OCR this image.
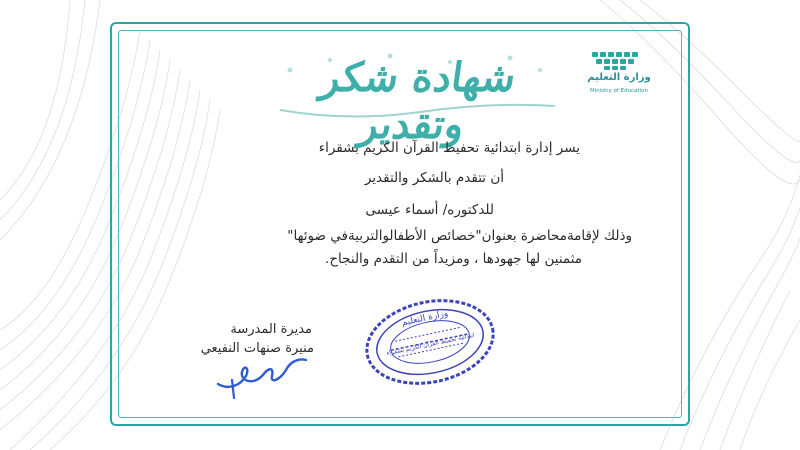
وزارة التعليم
Ministry of Education
شهادة شكر وتقدير
يسر إدارة ابتدائية تحفيظ القرآن الكريم بشقراء
أن تتقدم بالشكر والتقدير
للدكتوره/ أسماء عيسى
وذلك لإقامةمحاضرة بعنوان"خصائص الأطفالوالتربيةفي ضوئها"
مثمنين لها جهودها ، ومزيداً من التقدم والنجاح.
وزارة التعليم
ابتدائية تحفيظ القرآن الكريم بشقراء
مديرة المدرسة
منيرة صنهات النفيعي
